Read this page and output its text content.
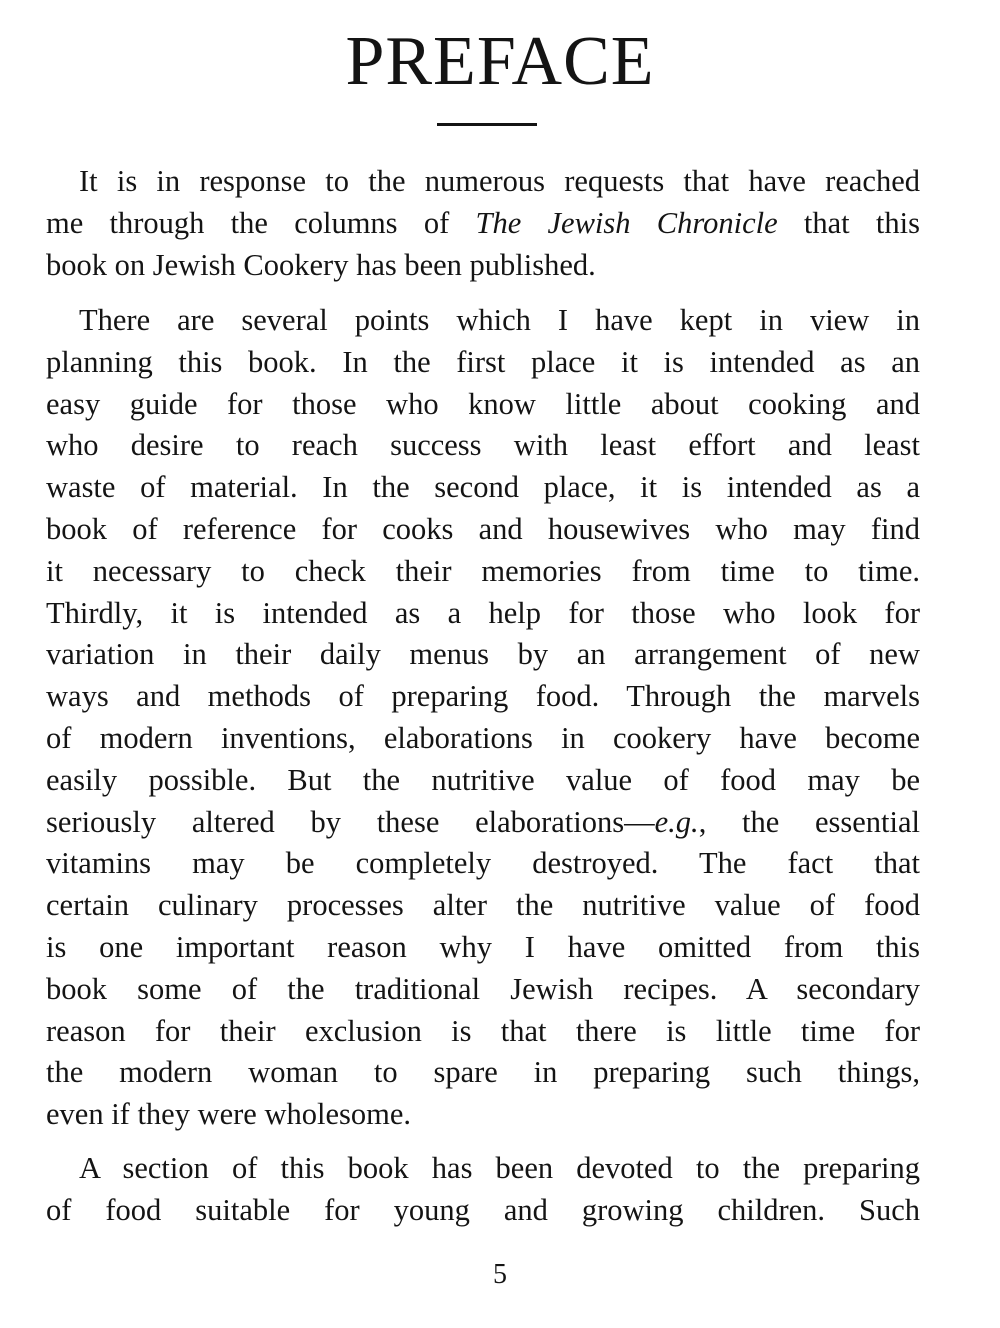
PREFACE
It is in response to the numerous requests that have reached
me through the columns of The Jewish Chronicle that this
book on Jewish Cookery has been published.
There are several points which I have kept in view in
planning this book. In the first place it is intended as an
easy guide for those who know little about cooking and
who desire to reach success with least effort and least
waste of material. In the second place, it is intended as a
book of reference for cooks and housewives who may find
it necessary to check their memories from time to time.
Thirdly, it is intended as a help for those who look for
variation in their daily menus by an arrangement of new
ways and methods of preparing food. Through the marvels
of modern inventions, elaborations in cookery have become
easily possible. But the nutritive value of food may be
seriously altered by these elaborations—e.g., the essential
vitamins may be completely destroyed. The fact that
certain culinary processes alter the nutritive value of food
is one important reason why I have omitted from this
book some of the traditional Jewish recipes. A secondary
reason for their exclusion is that there is little time for
the modern woman to spare in preparing such things,
even if they were wholesome.
A section of this book has been devoted to the preparing
of food suitable for young and growing children. Such
5
